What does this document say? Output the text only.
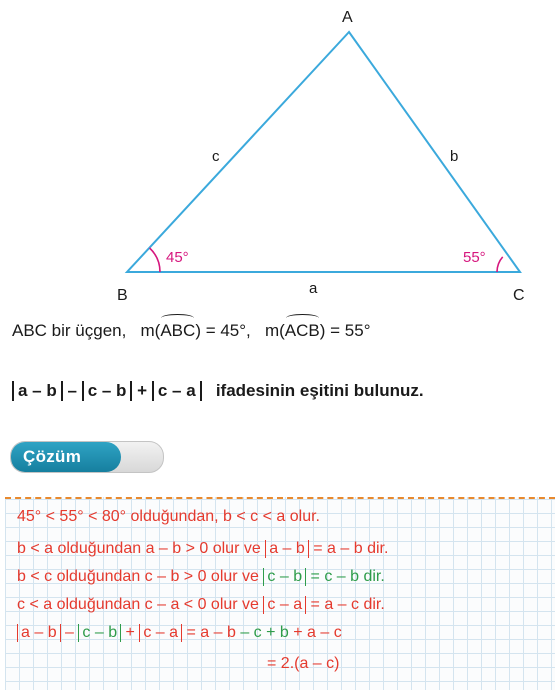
A
B	C
c	b
a
45°	55°
ABC bir üçgen, m(ABC) = 45°, m(ACB) = 55°
a – b – c – b + c – a ifadesinin eşitini bulunuz.
Çözüm
45° < 55° < 80° olduğundan, b < c < a olur.
b < a olduğundan a – b > 0 olur ve a – b = a – b dir.
b < c olduğundan c – b > 0 olur ve c – b = c – b dir.
c < a olduğundan c – a < 0 olur ve c – a = a – c dir.
a – b – c – b + c – a = a – b – c + b + a – c
= 2.(a – c)
